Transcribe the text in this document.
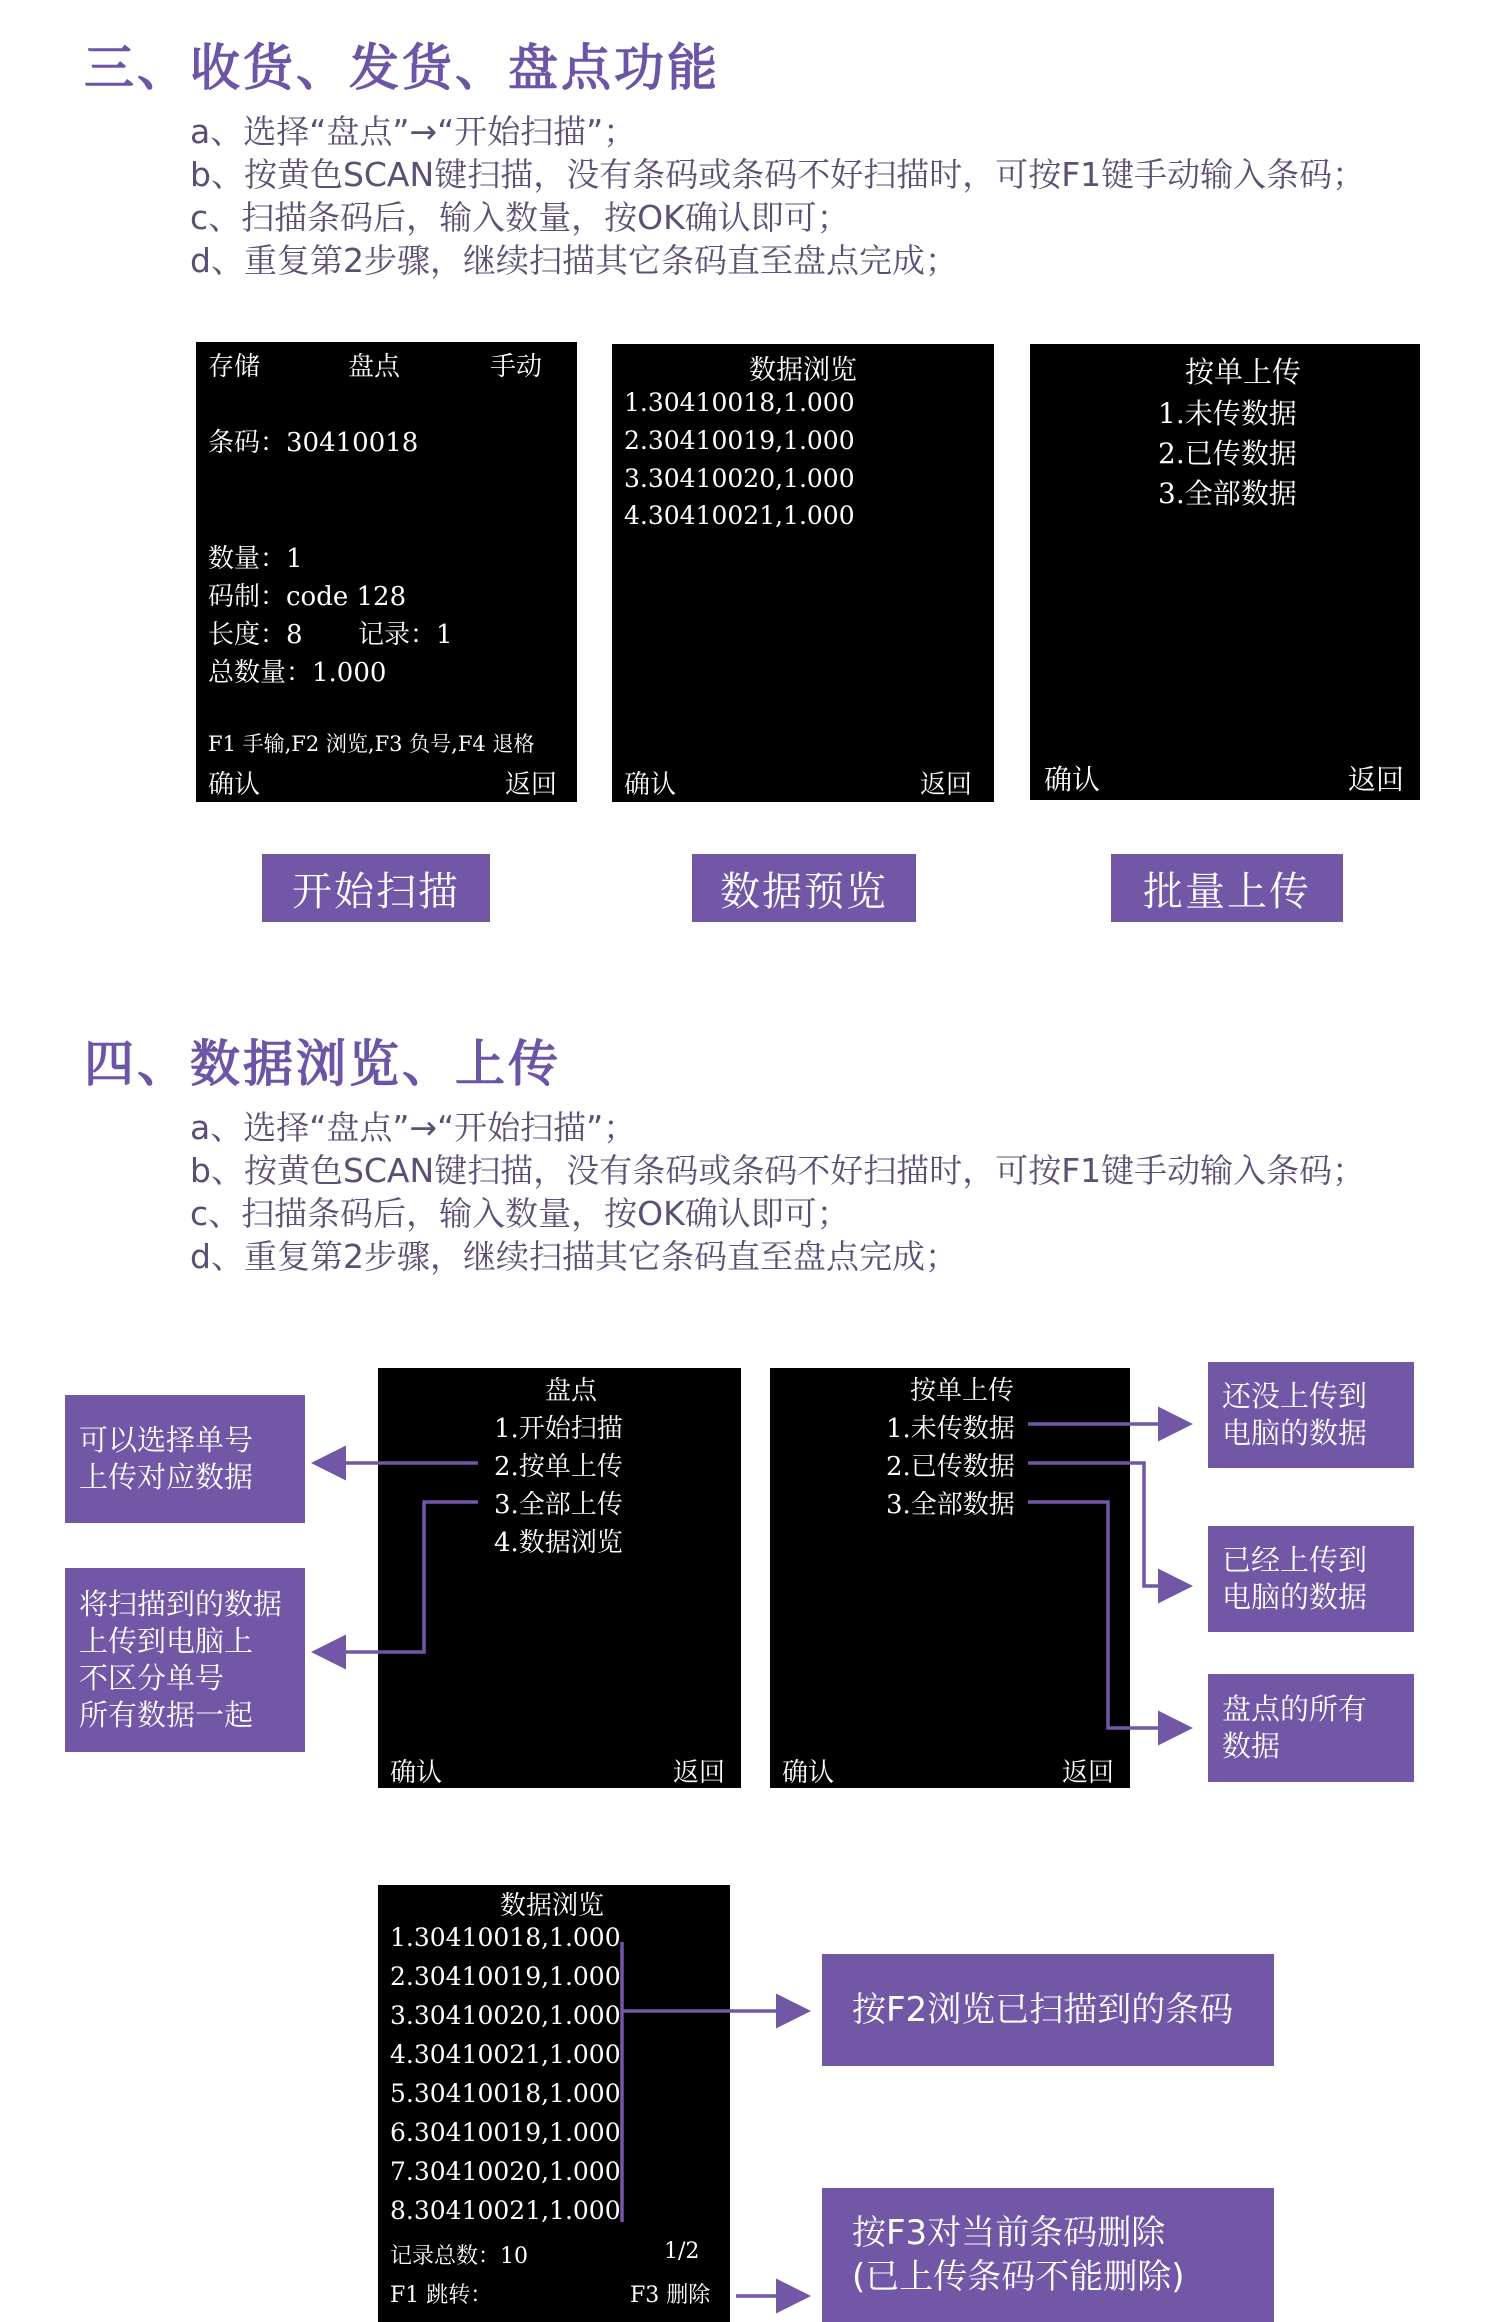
三、收货、发货、盘点功能
a、选择“盘点”→“开始扫描”；
b、按黄色SCAN键扫描，没有条码或条码不好扫描时，可按F1键手动输入条码；
c、扫描条码后，输入数量，按OK确认即可；
d、重复第2步骤，继续扫描其它条码直至盘点完成；
存储	盘点	手动
条码：30410018
数量：1
码制：code 128
长度：8 记录：1
总数量：1.000
F1 手输,F2 浏览,F3 负号,F4 退格
确认	返回
数据浏览
1.30410018,1.000
2.30410019,1.000
3.30410020,1.000
4.30410021,1.000
确认	返回
按单上传
1.未传数据
2.已传数据
3.全部数据
确认	返回
开始扫描	数据预览	批量上传
四、数据浏览、上传
a、选择“盘点”→“开始扫描”；
b、按黄色SCAN键扫描，没有条码或条码不好扫描时，可按F1键手动输入条码；
c、扫描条码后，输入数量，按OK确认即可；
d、重复第2步骤，继续扫描其它条码直至盘点完成；
盘点
1.开始扫描
2.按单上传
3.全部上传
4.数据浏览
确认	返回
按单上传
1.未传数据
2.已传数据
3.全部数据
确认	返回
可以选择单号
上传对应数据
将扫描到的数据
上传到电脑上
不区分单号
所有数据一起
还没上传到
电脑的数据
已经上传到
电脑的数据
盘点的所有
数据
数据浏览
1.30410018,1.000
2.30410019,1.000
3.30410020,1.000
4.30410021,1.000
5.30410018,1.000
6.30410019,1.000
7.30410020,1.000
8.30410021,1.000
记录总数：10	1/2
F1 跳转：	F3 删除
按F2浏览已扫描到的条码
按F3对当前条码删除
(已上传条码不能删除)
